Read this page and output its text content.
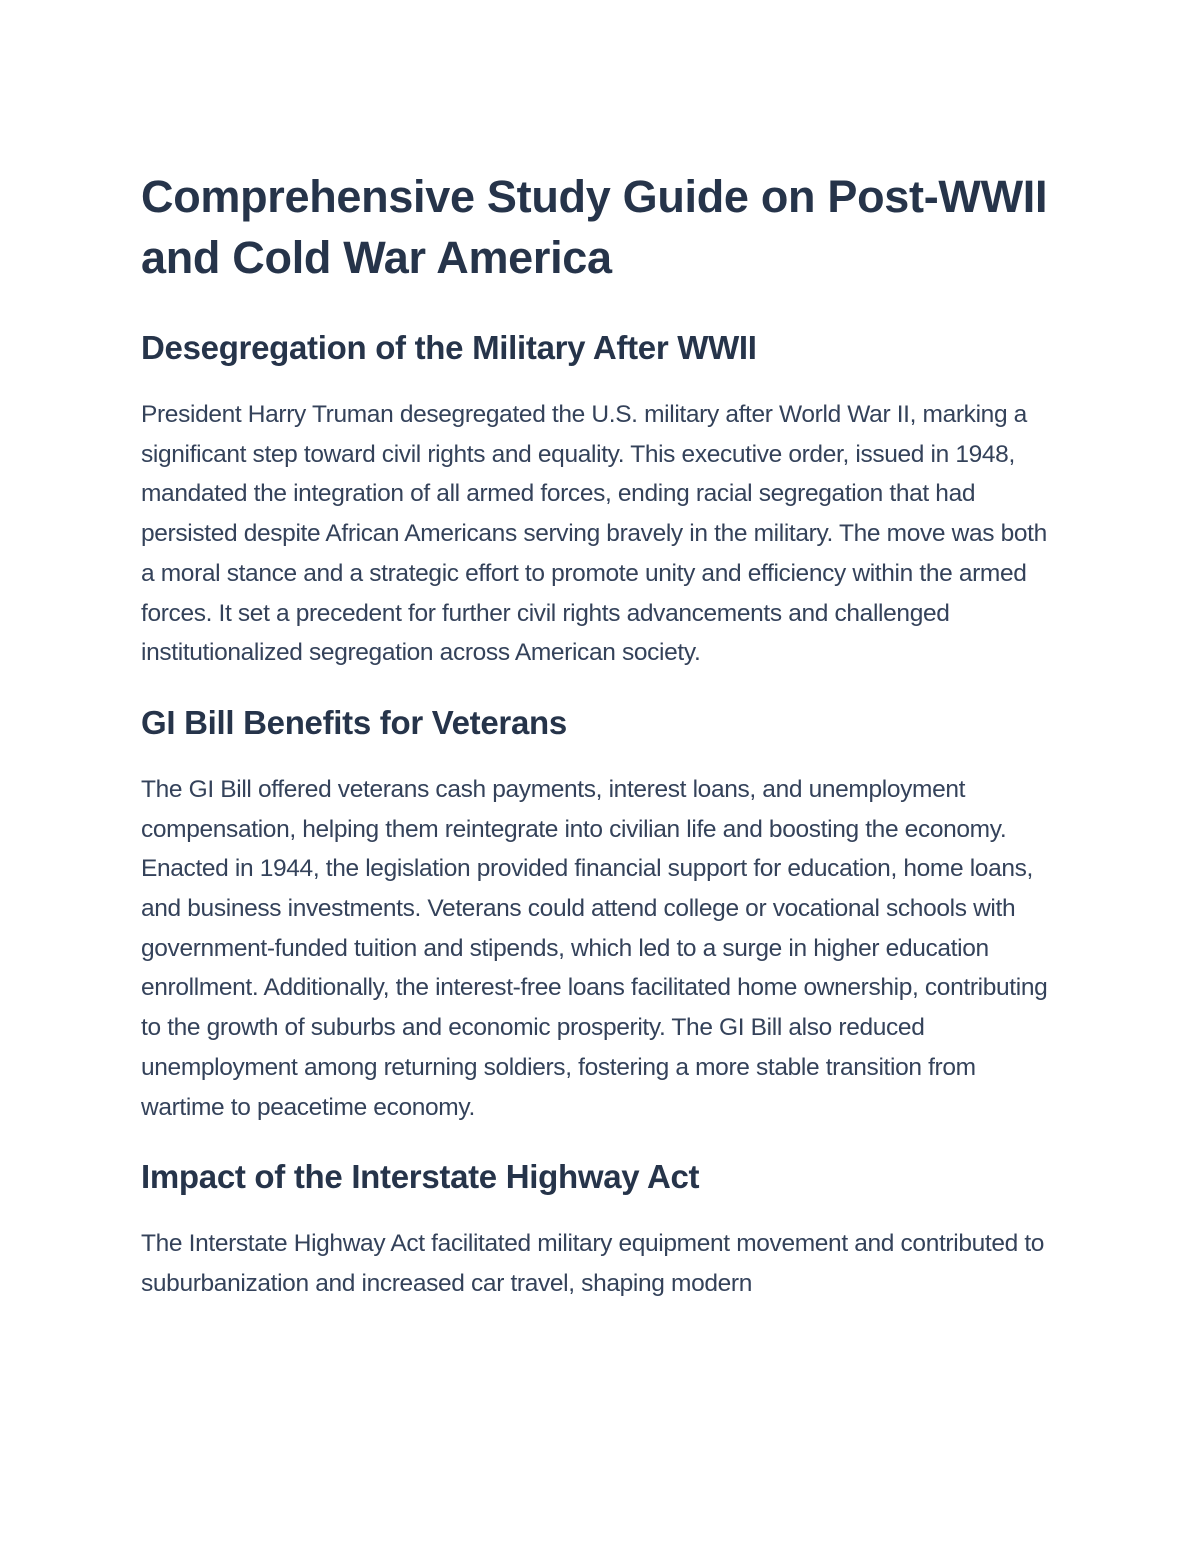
Comprehensive Study Guide on Post-WWII and Cold War America
Desegregation of the Military After WWII

President Harry Truman desegregated the U.S. military after World War II, marking a significant step toward civil rights and equality. This executive order, issued in 1948, mandated the integration of all armed forces, ending racial segregation that had persisted despite African Americans serving bravely in the military. The move was both a moral stance and a strategic effort to promote unity and efficiency within the armed forces. It set a precedent for further civil rights advancements and challenged institutionalized segregation across American society.

GI Bill Benefits for Veterans

The GI Bill offered veterans cash payments, interest loans, and unemployment compensation, helping them reintegrate into civilian life and boosting the economy. Enacted in 1944, the legislation provided financial support for education, home loans, and business investments. Veterans could attend college or vocational schools with government-funded tuition and stipends, which led to a surge in higher education enrollment. Additionally, the interest-free loans facilitated home ownership, contributing to the growth of suburbs and economic prosperity. The GI Bill also reduced unemployment among returning soldiers, fostering a more stable transition from wartime to peacetime economy.

Impact of the Interstate Highway Act

The Interstate Highway Act facilitated military equipment movement and contributed to suburbanization and increased car travel, shaping modern
